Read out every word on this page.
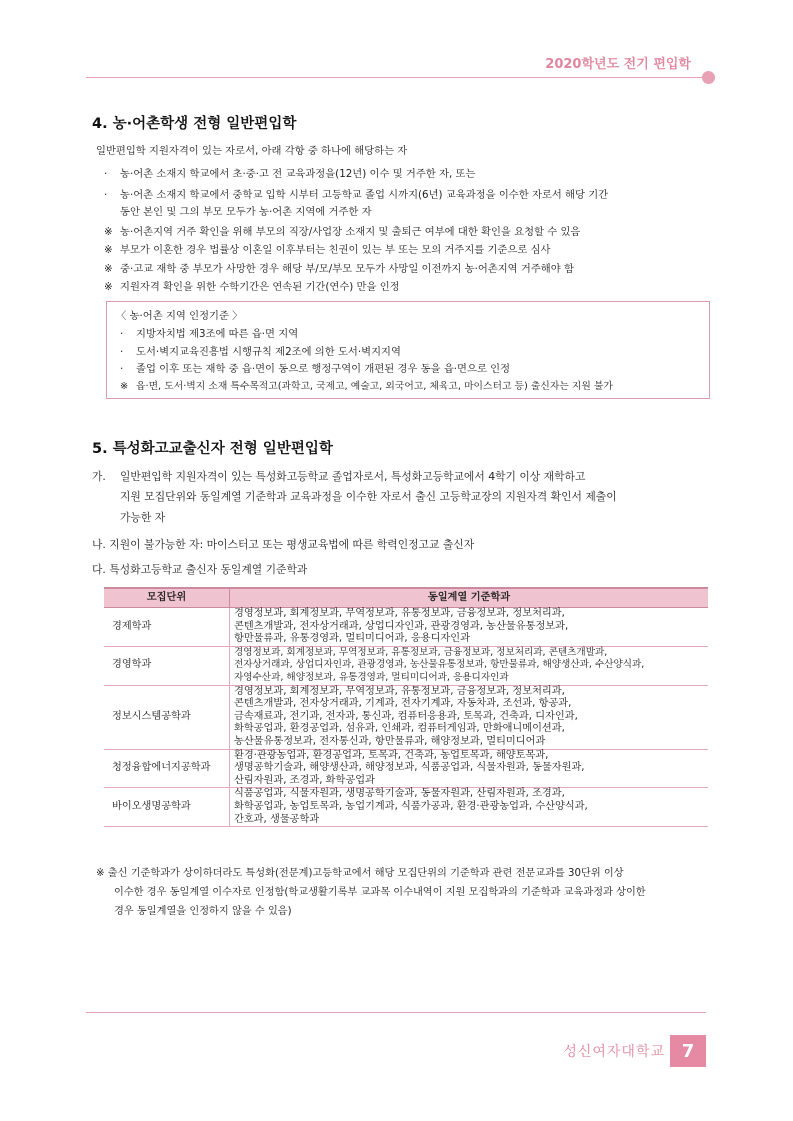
2020학년도 전기 편입학
4. 농·어촌학생 전형 일반편입학
일반편입학 지원자격이 있는 자로서, 아래 각항 중 하나에 해당하는 자
· 농·어촌 소재지 학교에서 초·중·고 전 교육과정을(12년) 이수 및 거주한 자, 또는
· 농·어촌 소재지 학교에서 중학교 입학 시부터 고등학교 졸업 시까지(6년) 교육과정을 이수한 자로서 해당 기간
동안 본인 및 그의 부모 모두가 농·어촌 지역에 거주한 자
※ 농·어촌지역 거주 확인을 위해 부모의 직장/사업장 소재지 및 출퇴근 여부에 대한 확인을 요청할 수 있음
※ 부모가 이혼한 경우 법률상 이혼일 이후부터는 친권이 있는 부 또는 모의 거주지를 기준으로 심사
※ 중·고교 재학 중 부모가 사망한 경우 해당 부/모/부모 모두가 사망일 이전까지 농·어촌지역 거주해야 함
※ 지원자격 확인을 위한 수학기간은 연속된 기간(연수) 만을 인정
〈 농·어촌 지역 인정기준 〉
· 지방자치법 제3조에 따른 읍·면 지역
· 도서·벽지교육진흥법 시행규칙 제2조에 의한 도서·벽지지역
· 졸업 이후 또는 재학 중 읍·면이 동으로 행정구역이 개편된 경우 동을 읍·면으로 인정
※ 읍·면, 도서·벽지 소재 특수목적고(과학고, 국제고, 예술고, 외국어고, 체육고, 마이스터고 등) 출신자는 지원 불가
5. 특성화고교출신자 전형 일반편입학
가. 일반편입학 지원자격이 있는 특성화고등학교 졸업자로서, 특성화고등학교에서 4학기 이상 재학하고
지원 모집단위와 동일계열 기준학과 교육과정을 이수한 자로서 출신 고등학교장의 지원자격 확인서 제출이
가능한 자
나. 지원이 불가능한 자: 마이스터고 또는 평생교육법에 따른 학력인정고교 출신자
다. 특성화고등학교 출신자 동일계열 기준학과
모집단위	동일계열 기준학과
경제학과	경영정보과, 회계정보과, 무역정보과, 유통정보과, 금융정보과, 정보처리과,
콘텐츠개발과, 전자상거래과, 상업디자인과, 관광경영과, 농산물유통정보과,
항만물류과, 유통경영과, 멀티미디어과, 응용디자인과

경영학과	경영정보과, 회계정보과, 무역정보과, 유통정보과, 금융정보과, 정보처리과, 콘텐츠개발과,
전자상거래과, 상업디자인과, 관광경영과, 농산물유통정보과, 항만물류과, 해양생산과, 수산양식과,
자영수산과, 해양정보과, 유통경영과, 멀티미디어과, 응용디자인과

정보시스템공학과	경영정보과, 회계정보과, 무역정보과, 유통정보과, 금융정보과, 정보처리과,
콘텐츠개발과, 전자상거래과, 기계과, 전자기계과, 자동차과, 조선과, 항공과,
금속재료과, 전기과, 전자과, 통신과, 컴퓨터응용과, 토목과, 건축과, 디자인과,
화학공업과, 환경공업과, 섬유과, 인쇄과, 컴퓨터게임과, 만화애니메이션과,
농산물유통정보과, 전자통신과, 항만물류과, 해양정보과, 멀티미디어과

청정융합에너지공학과	환경·관광농업과, 환경공업과, 토목과, 건축과, 농업토목과, 해양토목과,
생명공학기술과, 해양생산과, 해양정보과, 식품공업과, 식물자원과, 동물자원과,
산림자원과, 조경과, 화학공업과

바이오생명공학과	식품공업과, 식물자원과, 생명공학기술과, 동물자원과, 산림자원과, 조경과,
화학공업과, 농업토목과, 농업기계과, 식품가공과, 환경·관광농업과, 수산양식과,
간호과, 생물공학과
※ 출신 기준학과가 상이하더라도 특성화(전문계)고등학교에서 해당 모집단위의 기준학과 관련 전문교과를 30단위 이상
이수한 경우 동일계열 이수자로 인정함(학교생활기록부 교과목 이수내역이 지원 모집학과의 기준학과 교육과정과 상이한
경우 동일계열을 인정하지 않을 수 있음)
성신여자대학교 7
